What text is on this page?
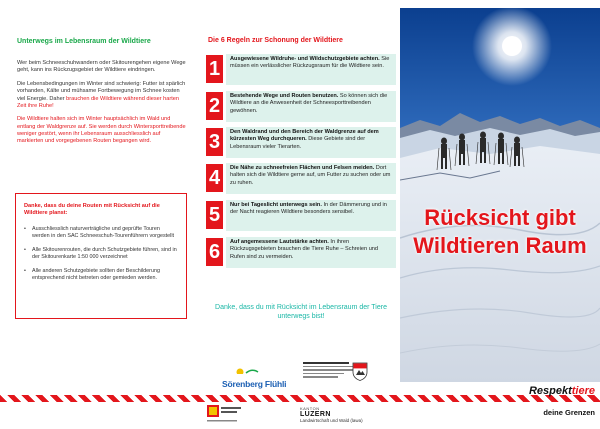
Unterwegs im Lebensraum der Wildtiere

Wer beim Schneeschuhwandern oder Skitourengehen eigene Wege geht, kann ins Rückzugsgebiet der Wildtiere eindringen.

Die Lebensbedingungen im Winter sind schwierig: Futter ist spärlich vorhanden, Kälte und mühsame Fortbewegung im Schnee kosten viel Energie. Daher brauchen die Wildtiere während dieser harten Zeit ihre Ruhe!

Die Wildtiere halten sich im Winter hauptsächlich im Wald und entlang der Waldgrenze auf. Sie werden durch Wintersporttreibende weniger gestört, wenn ihr Lebensraum ausschliesslich auf markierten und vorgegebenen Routen begangen wird.

Danke, dass du deine Routen mit Rücksicht auf die Wildtiere planst:
• Ausschliesslich naturverträgliche und geprüfte Touren werden in den SAC Schneeschuh-Tourenführern vorgestellt
• Alle Skitourenrouten, die durch Schutzgebiete führen, sind in der Skitourenkarte 1:50 000 verzeichnet
• Alle anderen Schutzgebiete sollten der Beschilderung entsprechend nicht betreten oder gemieden werden.
Die 6 Regeln zur Schonung der Wildtiere
1	Ausgewiesene Wildruhe- und Wildschutzgebiete achten. Sie müssen ein verlässlicher Rückzugsraum für die Wildtiere sein.
2	Bestehende Wege und Routen benutzen. So können sich die Wildtiere an die Anwesenheit der Schneesporttreibenden gewöhnen.
3	Den Waldrand und den Bereich der Waldgrenze auf dem kürzesten Weg durchqueren. Diese Gebiete sind der Lebensraum vieler Tierarten.
4	Die Nähe zu schneefreien Flächen und Felsen meiden. Dort halten sich die Wildtiere gerne auf, um Futter zu suchen oder um zu ruhen.
5	Nur bei Tageslicht unterwegs sein. In der Dämmerung und in der Nacht reagieren Wildtiere besonders sensibel.
6	Auf angemessene Lautstärke achten. In ihren Rückzugsgebieten brauchen die Tiere Ruhe – Schreien und Rufen sind zu vermeiden.
Danke, dass du mit Rücksicht im Lebensraum der Tiere unterwegs bist!
Sörenberg Flühli
KANTON
LUZERN
Landwirtschaft und Wald (lawa)
Rücksicht gibt Wildtieren Raum
Respekttiere
deine Grenzen
